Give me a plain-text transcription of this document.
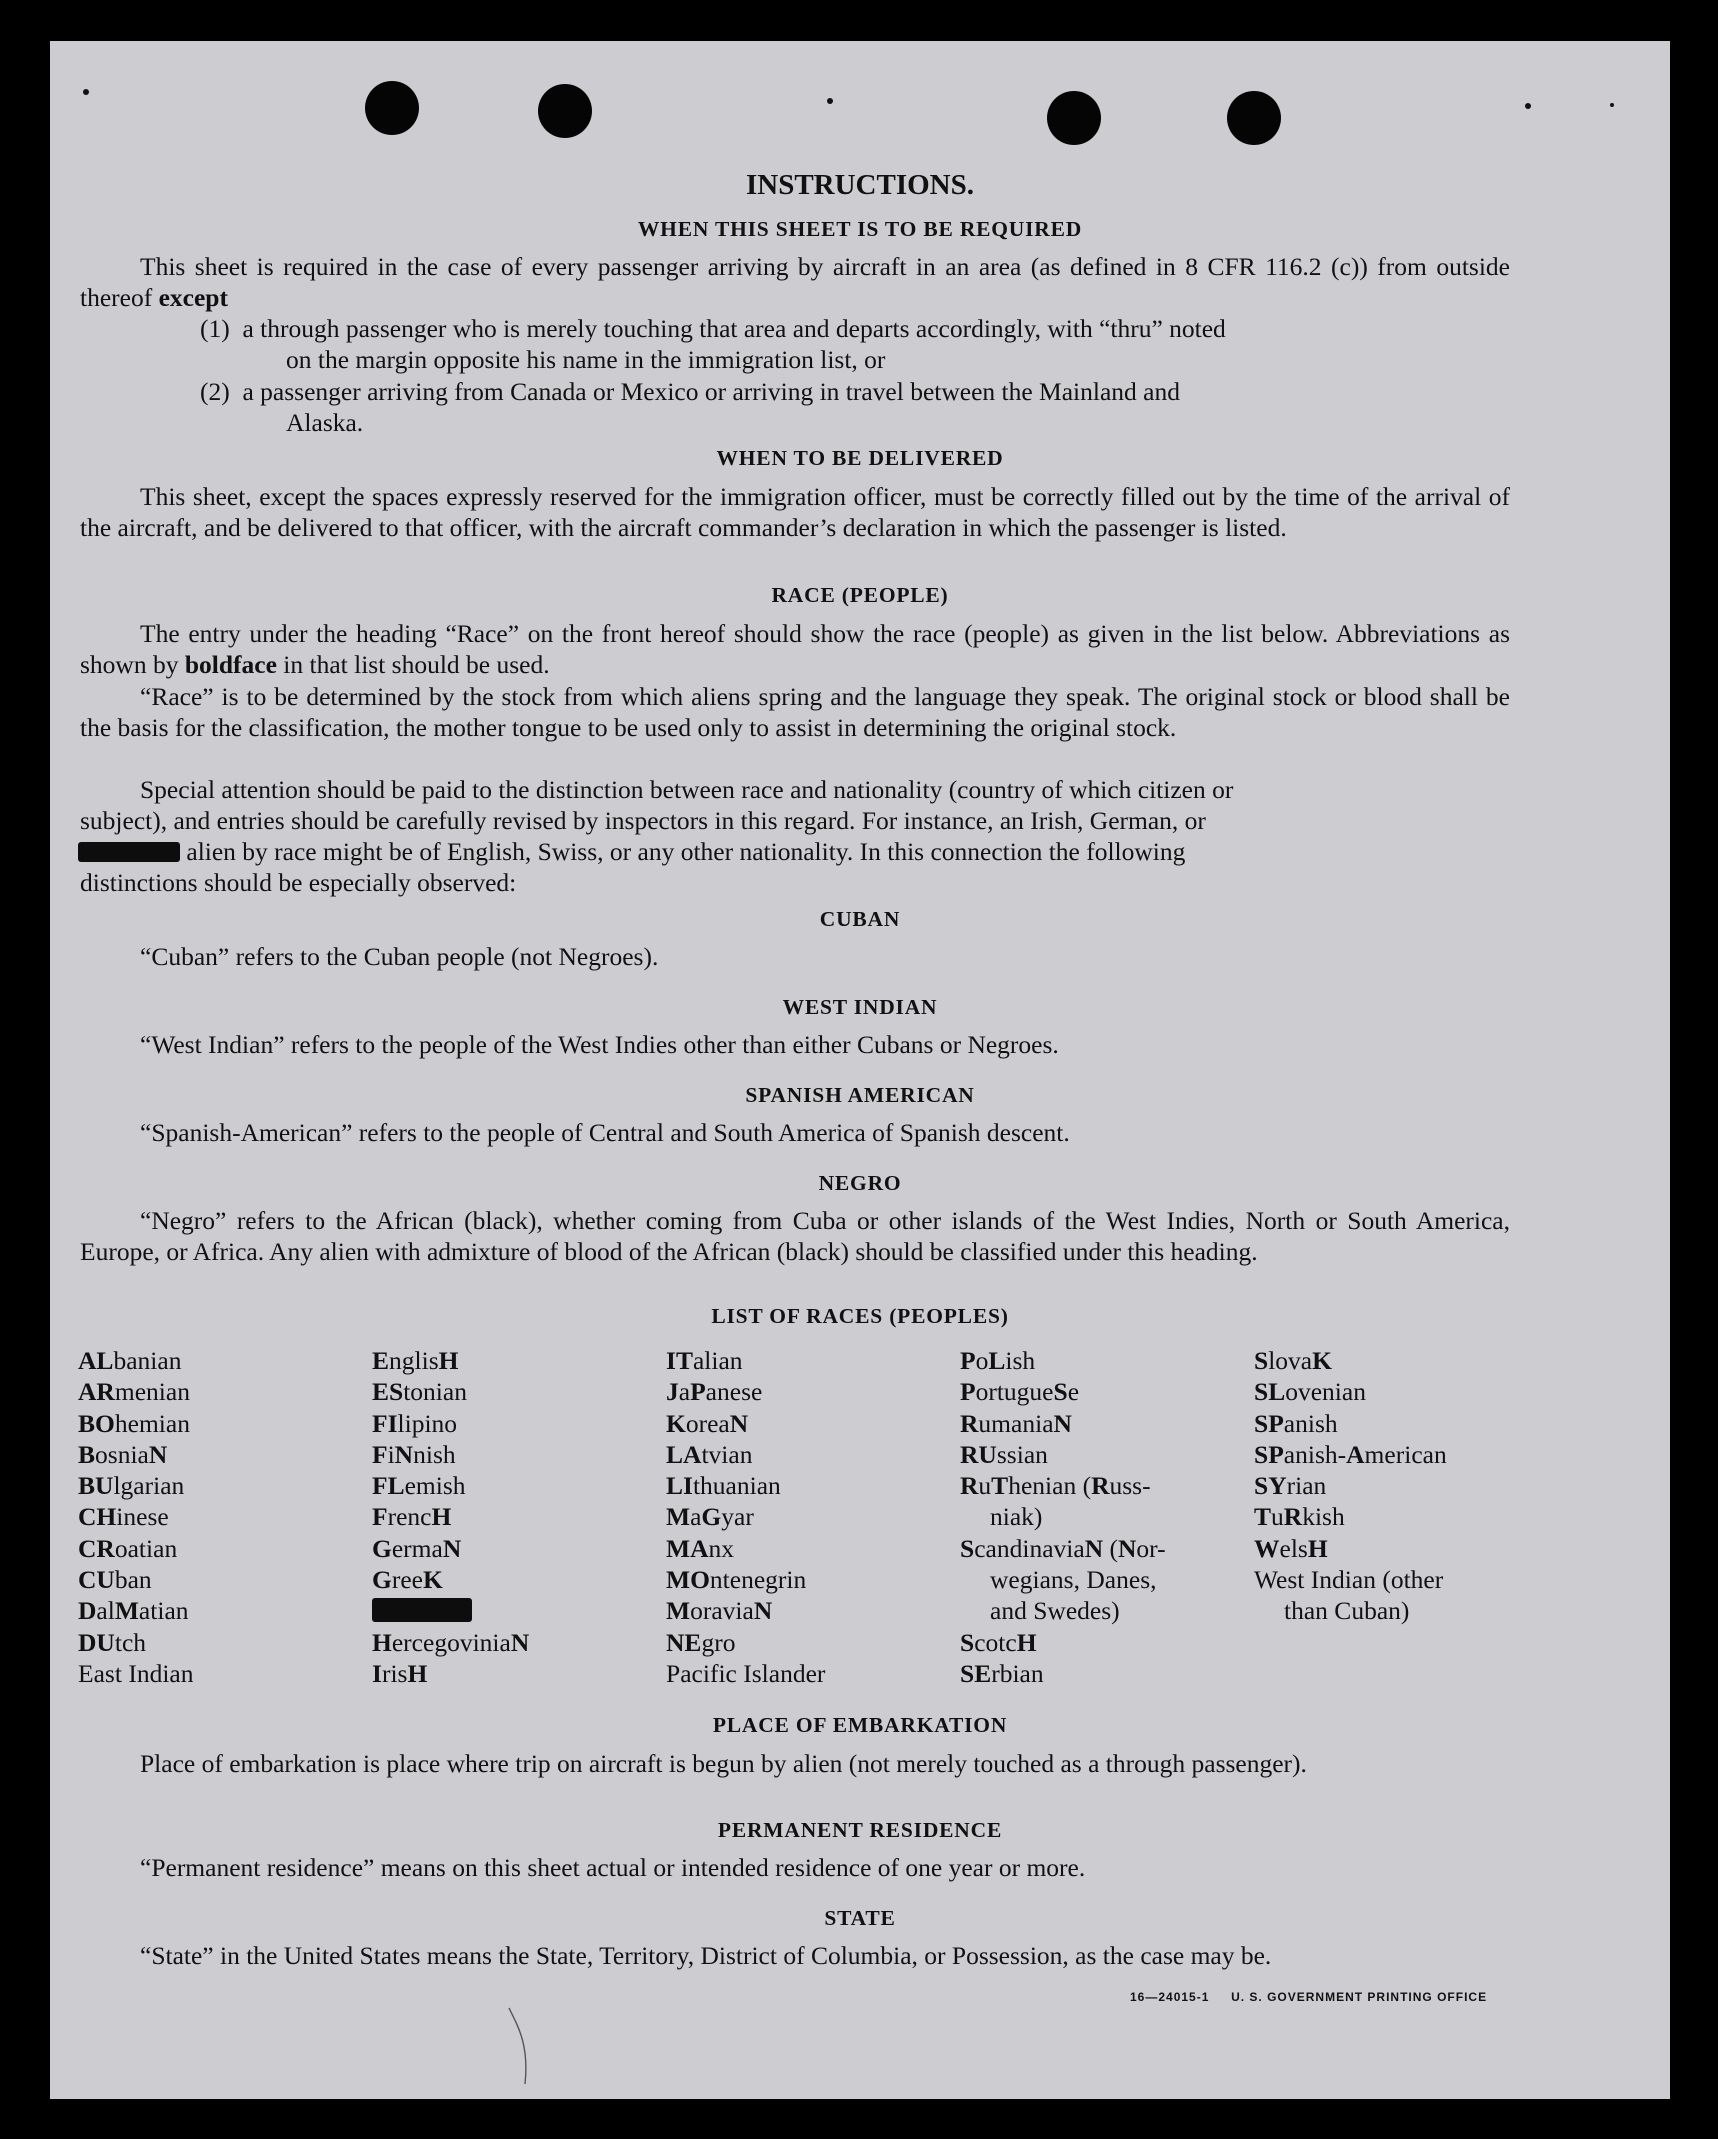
INSTRUCTIONS.
WHEN THIS SHEET IS TO BE REQUIRED

This sheet is required in the case of every passenger arriving by aircraft in an area (as defined in 8 CFR 116.2 (c)) from outside thereof except

(1) a through passenger who is merely touching that area and departs accordingly, with “thru” noted

on the margin opposite his name in the immigration list, or

(2) a passenger arriving from Canada or Mexico or arriving in travel between the Mainland and

Alaska.

WHEN TO BE DELIVERED

This sheet, except the spaces expressly reserved for the immigration officer, must be correctly filled out by the time of the arrival of the aircraft, and be delivered to that officer, with the aircraft commander’s declaration in which the passenger is listed.

RACE (PEOPLE)

The entry under the heading “Race” on the front hereof should show the race (people) as given in the list below. Abbreviations as shown by boldface in that list should be used.

“Race” is to be determined by the stock from which aliens spring and the language they speak. The original stock or blood shall be the basis for the classification, the mother tongue to be used only to assist in determining the original stock.

Special attention should be paid to the distinction between race and nationality (country of which citizen or

subject), and entries should be carefully revised by inspectors in this regard. For instance, an Irish, German, or

alien by race might be of English, Swiss, or any other nationality. In this connection the following

distinctions should be especially observed:

CUBAN

“Cuban” refers to the Cuban people (not Negroes).

WEST INDIAN

“West Indian” refers to the people of the West Indies other than either Cubans or Negroes.

SPANISH AMERICAN

“Spanish-American” refers to the people of Central and South America of Spanish descent.

NEGRO

“Negro” refers to the African (black), whether coming from Cuba or other islands of the West Indies, North or South America, Europe, or Africa. Any alien with admixture of blood of the African (black) should be classified under this heading.

LIST OF RACES (PEOPLES)
ALbanian
ARmenian
BOhemian
BosniaN
BUlgarian
CHinese
CRoatian
CUban
DalMatian
DUtch
East Indian
EnglisH
EStonian
FIlipino
FiNnish
FLemish
FrencH
GermaN
GreeK
HercegoviniaN
IrisH
ITalian
JaPanese
KoreaN
LAtvian
LIthuanian
MaGyar
MAnx
MOntenegrin
MoraviaN
NEgro
Pacific Islander
PoLish
PortugueSe
RumaniaN
RUssian
RuThenian (Russ-
niak)
ScandinaviaN (Nor-
wegians, Danes,
and Swedes)
ScotcH
SErbian
SlovaK
SLovenian
SPanish
SPanish-American
SYrian
TuRkish
WelsH
West Indian (other
than Cuban)
PLACE OF EMBARKATION

Place of embarkation is place where trip on aircraft is begun by alien (not merely touched as a through passenger).

PERMANENT RESIDENCE

“Permanent residence” means on this sheet actual or intended residence of one year or more.

STATE

“State” in the United States means the State, Territory, District of Columbia, or Possession, as the case may be.

16—24015-1 U. S. GOVERNMENT PRINTING OFFICE
